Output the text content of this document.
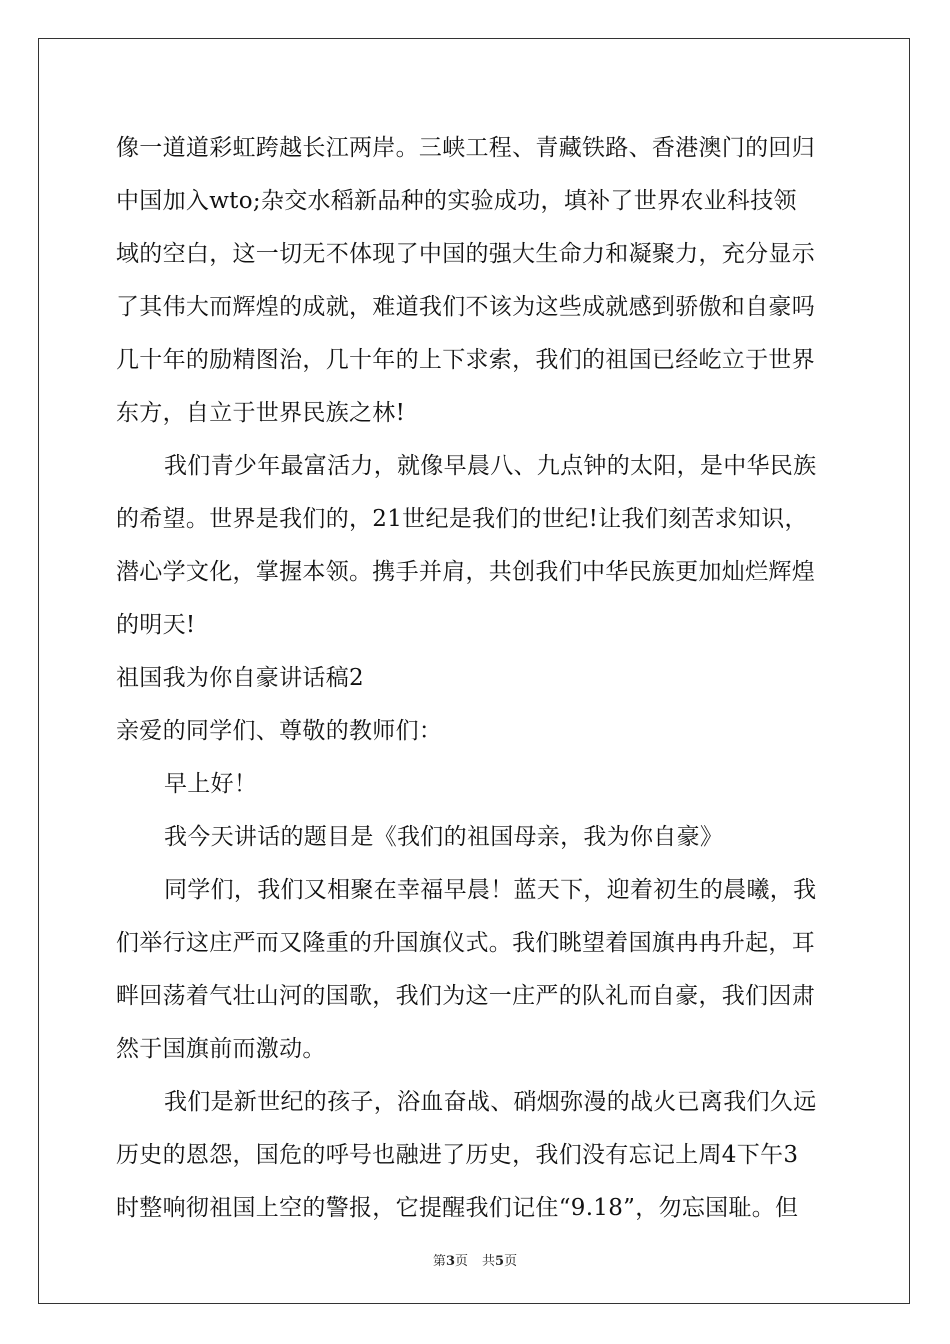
像一道道彩虹跨越长江两岸。三峡工程、青藏铁路、香港澳门的回归
中国加入wto;杂交水稻新品种的实验成功，填补了世界农业科技领
域的空白，这一切无不体现了中国的强大生命力和凝聚力，充分显示
了其伟大而辉煌的成就，难道我们不该为这些成就感到骄傲和自豪吗
几十年的励精图治，几十年的上下求索，我们的祖国已经屹立于世界
东方，自立于世界民族之林!
我们青少年最富活力，就像早晨八、九点钟的太阳，是中华民族
的希望。世界是我们的，21世纪是我们的世纪!让我们刻苦求知识，
潜心学文化，掌握本领。携手并肩，共创我们中华民族更加灿烂辉煌
的明天!
祖国我为你自豪讲话稿2
亲爱的同学们、尊敬的教师们：
早上好！
我今天讲话的题目是《我们的祖国母亲，我为你自豪》
同学们，我们又相聚在幸福早晨！蓝天下，迎着初生的晨曦，我
们举行这庄严而又隆重的升国旗仪式。我们眺望着国旗冉冉升起，耳
畔回荡着气壮山河的国歌，我们为这一庄严的队礼而自豪，我们因肃
然于国旗前而激动。
我们是新世纪的孩子，浴血奋战、硝烟弥漫的战火已离我们久远
历史的恩怨，国危的呼号也融进了历史，我们没有忘记上周4下午3
时整响彻祖国上空的警报，它提醒我们记住“9.18”，勿忘国耻。但
第3页 共5页
